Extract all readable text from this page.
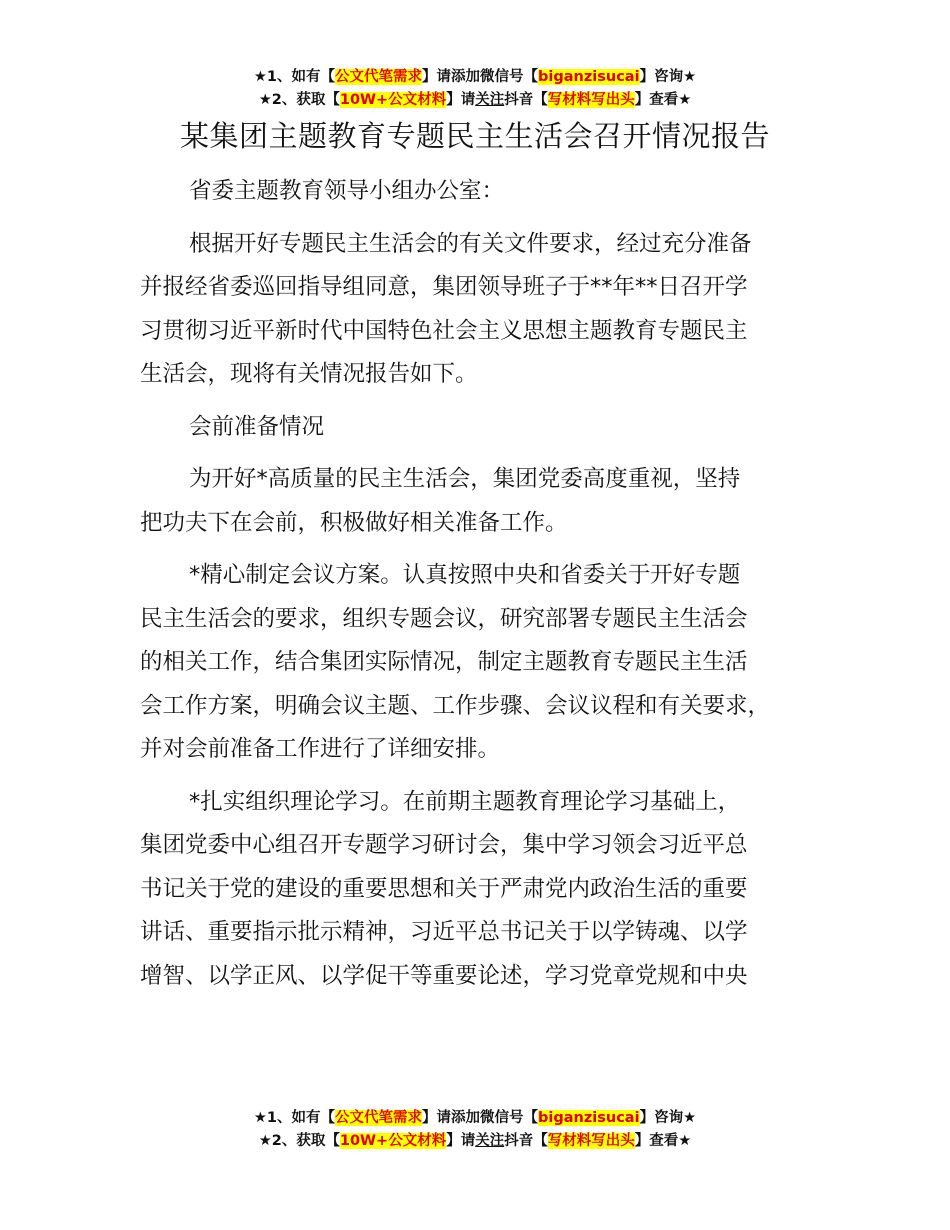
★1、如有【公文代笔需求】请添加微信号【biganzisucai】咨询★
★2、获取【10W+公文材料】请关注抖音【写材料写出头】查看★
某集团主题教育专题民主生活会召开情况报告
省委主题教育领导小组办公室：
根据开好专题民主生活会的有关文件要求，经过充分准备
并报经省委巡回指导组同意，集团领导班子于**年**日召开学
习贯彻习近平新时代中国特色社会主义思想主题教育专题民主
生活会，现将有关情况报告如下。
会前准备情况
为开好*高质量的民主生活会，集团党委高度重视，坚持
把功夫下在会前，积极做好相关准备工作。
*精心制定会议方案。认真按照中央和省委关于开好专题
民主生活会的要求，组织专题会议，研究部署专题民主生活会
的相关工作，结合集团实际情况，制定主题教育专题民主生活
会工作方案，明确会议主题、工作步骤、会议议程和有关要求，
并对会前准备工作进行了详细安排。
*扎实组织理论学习。在前期主题教育理论学习基础上，
集团党委中心组召开专题学习研讨会，集中学习领会习近平总
书记关于党的建设的重要思想和关于严肃党内政治生活的重要
讲话、重要指示批示精神，习近平总书记关于以学铸魂、以学
增智、以学正风、以学促干等重要论述，学习党章党规和中央
★1、如有【公文代笔需求】请添加微信号【biganzisucai】咨询★
★2、获取【10W+公文材料】请关注抖音【写材料写出头】查看★
